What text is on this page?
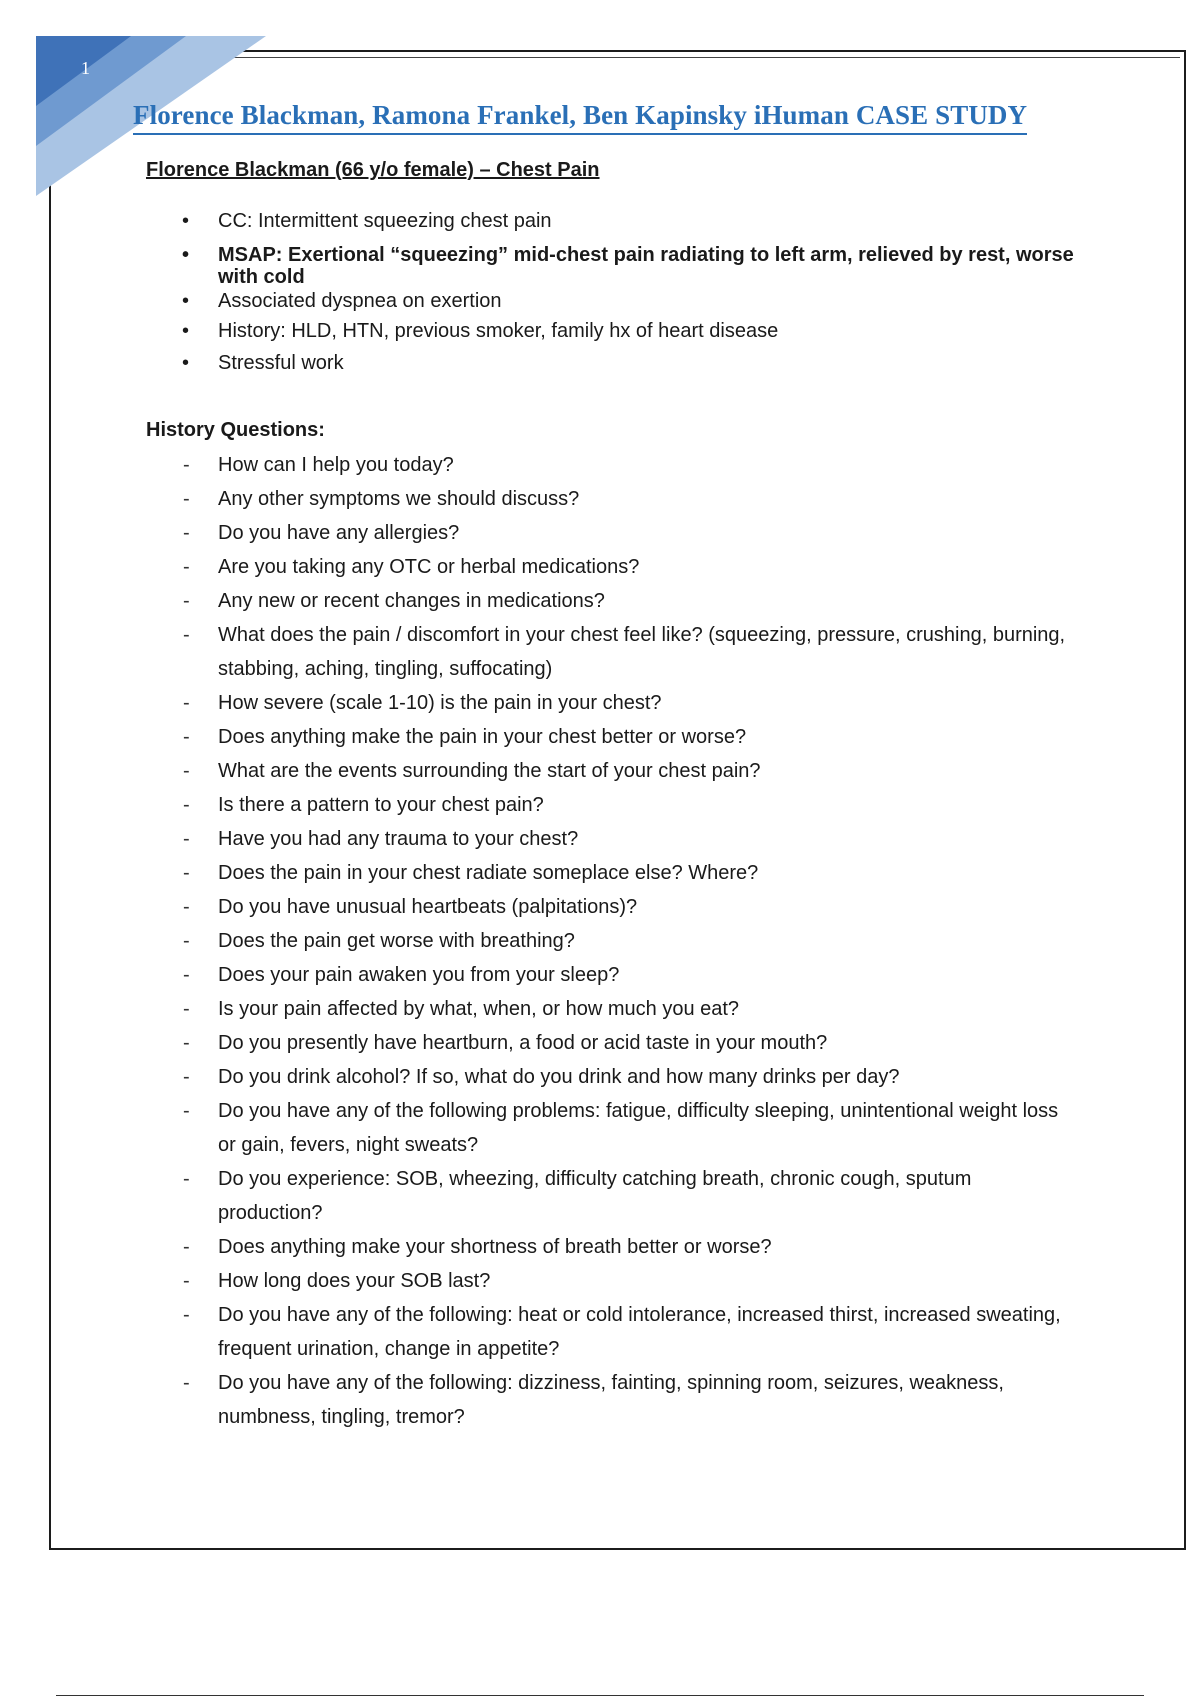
1
Florence Blackman, Ramona Frankel, Ben Kapinsky iHuman CASE STUDY
Florence Blackman (66 y/o female) – Chest Pain
• CC: Intermittent squeezing chest pain
• MSAP: Exertional “squeezing” mid-chest pain radiating to left arm, relieved by rest, worse with cold
• Associated dyspnea on exertion
• History: HLD, HTN, previous smoker, family hx of heart disease
• Stressful work
History Questions:
- How can I help you today?
- Any other symptoms we should discuss?
- Do you have any allergies?
- Are you taking any OTC or herbal medications?
- Any new or recent changes in medications?
- What does the pain / discomfort in your chest feel like? (squeezing, pressure, crushing, burning, stabbing, aching, tingling, suffocating)
- How severe (scale 1-10) is the pain in your chest?
- Does anything make the pain in your chest better or worse?
- What are the events surrounding the start of your chest pain?
- Is there a pattern to your chest pain?
- Have you had any trauma to your chest?
- Does the pain in your chest radiate someplace else? Where?
- Do you have unusual heartbeats (palpitations)?
- Does the pain get worse with breathing?
- Does your pain awaken you from your sleep?
- Is your pain affected by what, when, or how much you eat?
- Do you presently have heartburn, a food or acid taste in your mouth?
- Do you drink alcohol? If so, what do you drink and how many drinks per day?
- Do you have any of the following problems: fatigue, difficulty sleeping, unintentional weight loss or gain, fevers, night sweats?
- Do you experience: SOB, wheezing, difficulty catching breath, chronic cough, sputum production?
- Does anything make your shortness of breath better or worse?
- How long does your SOB last?
- Do you have any of the following: heat or cold intolerance, increased thirst, increased sweating, frequent urination, change in appetite?
- Do you have any of the following: dizziness, fainting, spinning room, seizures, weakness, numbness, tingling, tremor?
